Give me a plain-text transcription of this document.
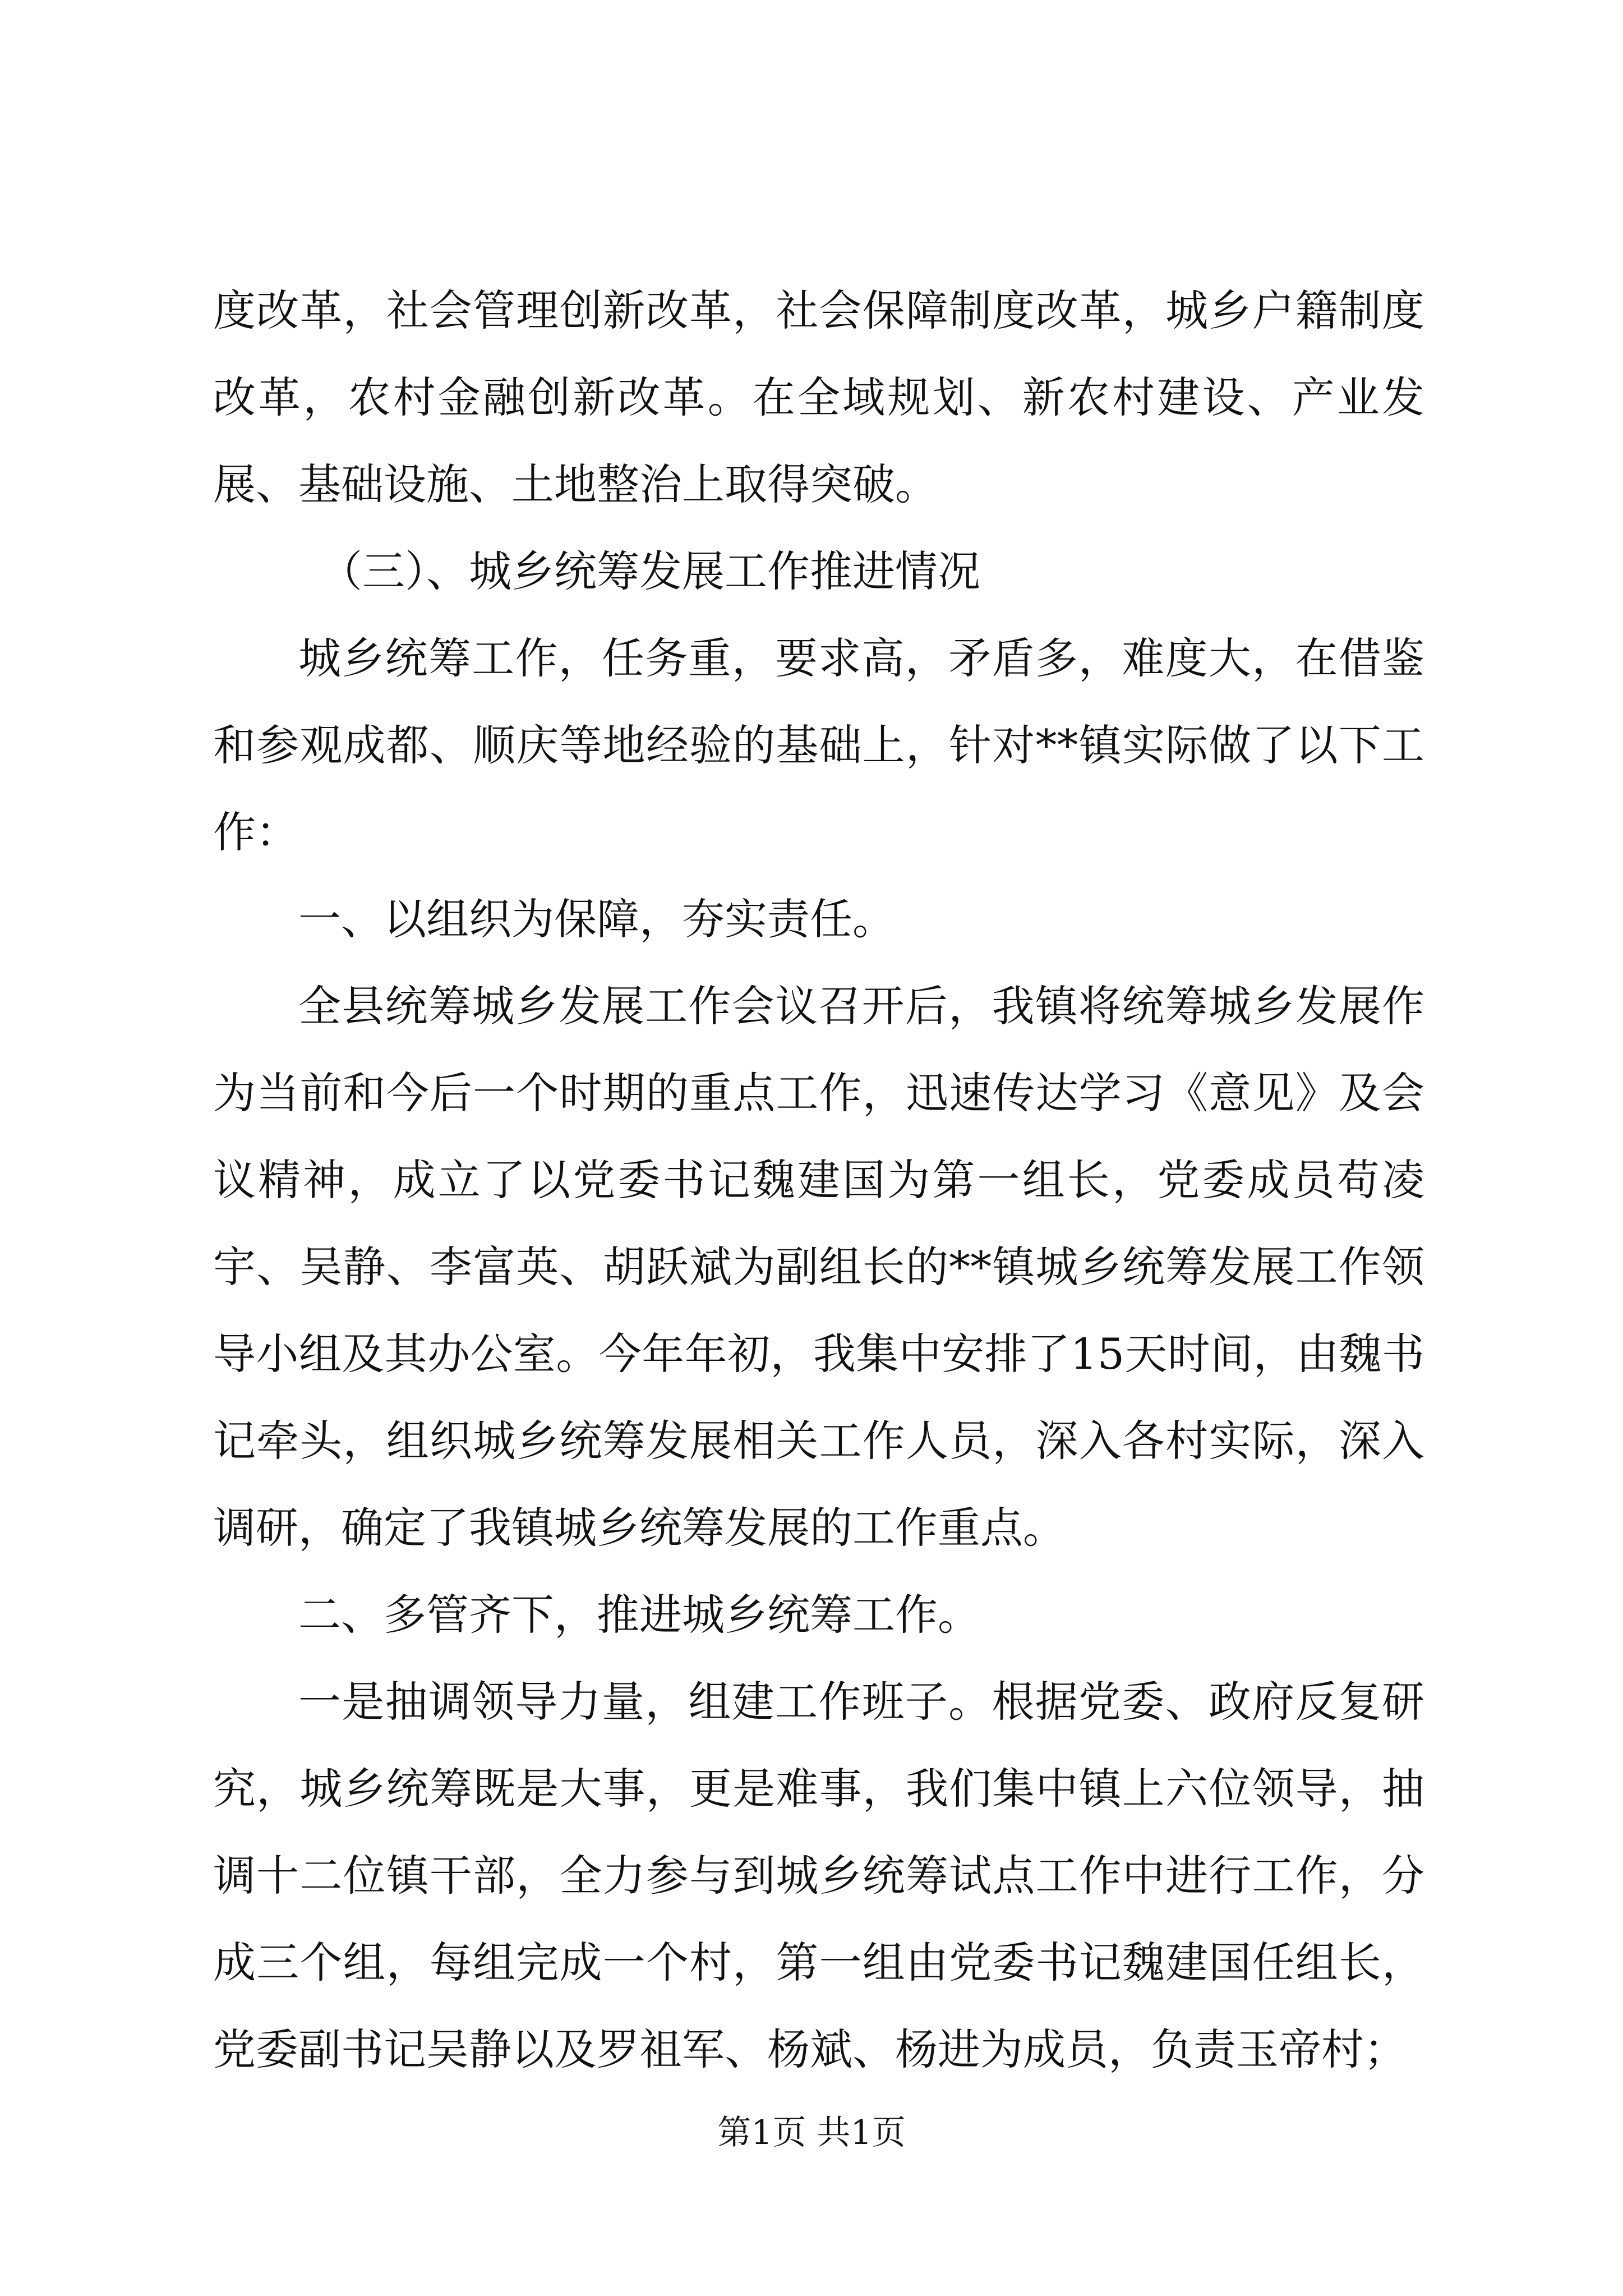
度改革，社会管理创新改革，社会保障制度改革，城乡户籍制度改革，农村金融创新改革。在全域规划、新农村建设、产业发展、基础设施、土地整治上取得突破。

（三）、城乡统筹发展工作推进情况

城乡统筹工作，任务重，要求高，矛盾多，难度大，在借鉴和参观成都、顺庆等地经验的基础上，针对**镇实际做了以下工作：

一、以组织为保障，夯实责任。

全县统筹城乡发展工作会议召开后，我镇将统筹城乡发展作为当前和今后一个时期的重点工作，迅速传达学习《意见》及会议精神，成立了以党委书记魏建国为第一组长，党委成员苟凌宇、吴静、李富英、胡跃斌为副组长的**镇城乡统筹发展工作领导小组及其办公室。今年年初，我集中安排了15天时间，由魏书记牵头，组织城乡统筹发展相关工作人员，深入各村实际，深入调研，确定了我镇城乡统筹发展的工作重点。

二、多管齐下，推进城乡统筹工作。

一是抽调领导力量，组建工作班子。根据党委、政府反复研究，城乡统筹既是大事，更是难事，我们集中镇上六位领导，抽调十二位镇干部，全力参与到城乡统筹试点工作中进行工作，分成三个组，每组完成一个村，第一组由党委书记魏建国任组长，党委副书记吴静以及罗祖军、杨斌、杨进为成员，负责玉帝村；

第1页 共1页
